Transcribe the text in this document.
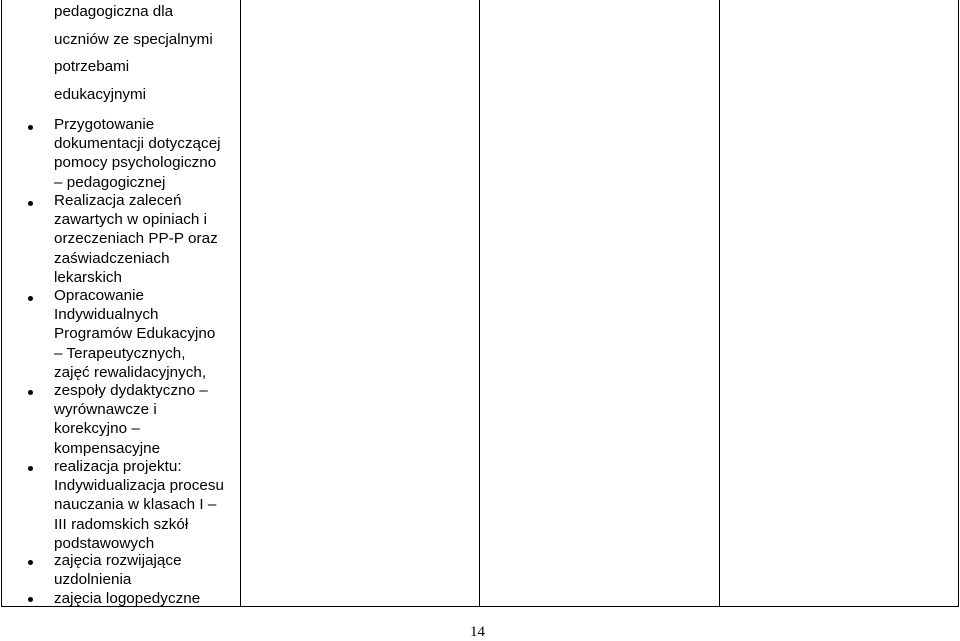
pedagogiczna dla
uczniów ze specjalnymi
potrzebami
edukacyjnymi
Przygotowanie
dokumentacji dotyczącej
pomocy psychologiczno
– pedagogicznej
Realizacja zaleceń
zawartych w opiniach i
orzeczeniach PP-P oraz
zaświadczeniach
lekarskich
Opracowanie
Indywidualnych
Programów Edukacyjno
– Terapeutycznych,
zajęć rewalidacyjnych,
zespoły dydaktyczno –
wyrównawcze i
korekcyjno –
kompensacyjne
realizacja projektu:
Indywidualizacja procesu
nauczania w klasach I –
III radomskich szkół
podstawowych
zajęcia rozwijające
uzdolnienia
zajęcia logopedyczne
14
